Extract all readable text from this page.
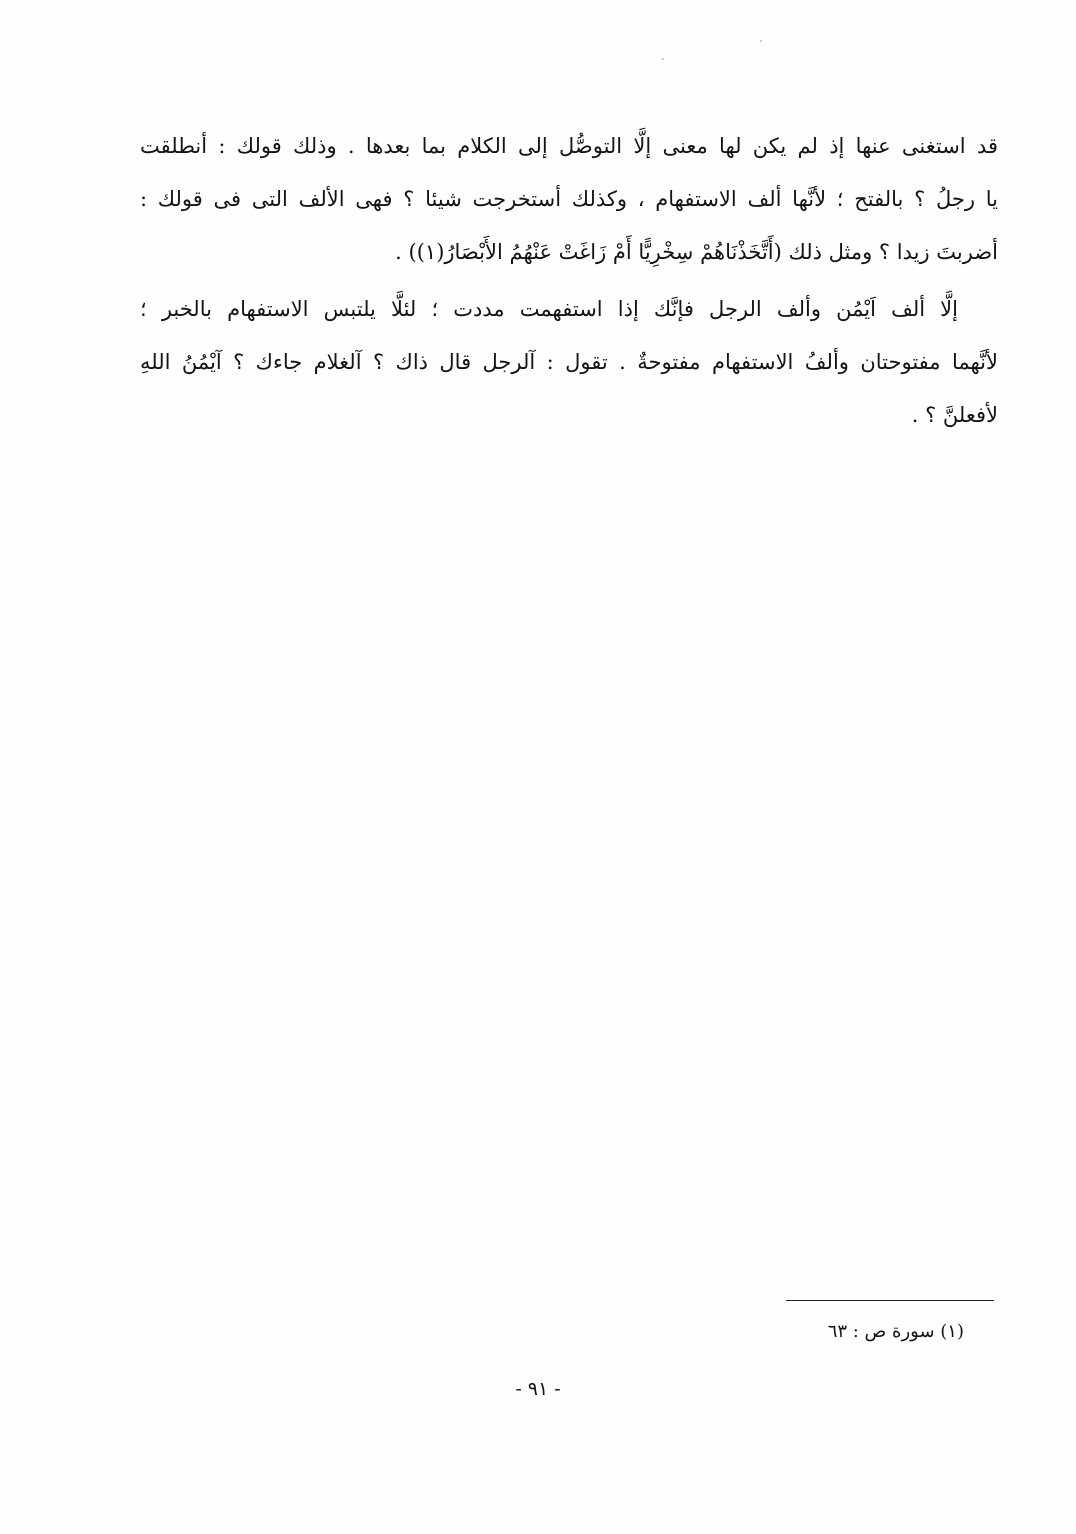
قد استغنى عنها إذ لم يكن لها معنى إلَّا التوصُّل إلى الكلام بما بعدها . وذلك قولك : أنطلقت
يا رجلُ ؟ بالفتح ؛ لأنَّها ألف الاستفهام ، وكذلك أستخرجت شيئا ؟ فهى الألف التى فى قولك :
أضربتَ زيدا ؟ ومثل ذلك (أَتَّخَذْنَاهُمْ سِخْرِيًّا أَمْ زَاغَتْ عَنْهُمُ الأَبْصَارُ(١)) .
إلَّا ألف اَيْمُن وألف الرجل فإنَّك إذا استفهمت مددت ؛ لئلَّا يلتبس الاستفهام بالخبر ؛
لأنَّهما مفتوحتان وألفُ الاستفهام مفتوحةٌ . تقول : آلرجل قال ذاك ؟ آلغلام جاءك ؟ آيْمُنُ اللهِ
لأفعلنَّ ؟ .
(١) سورة ص : ٦٣
- ٩١ -
